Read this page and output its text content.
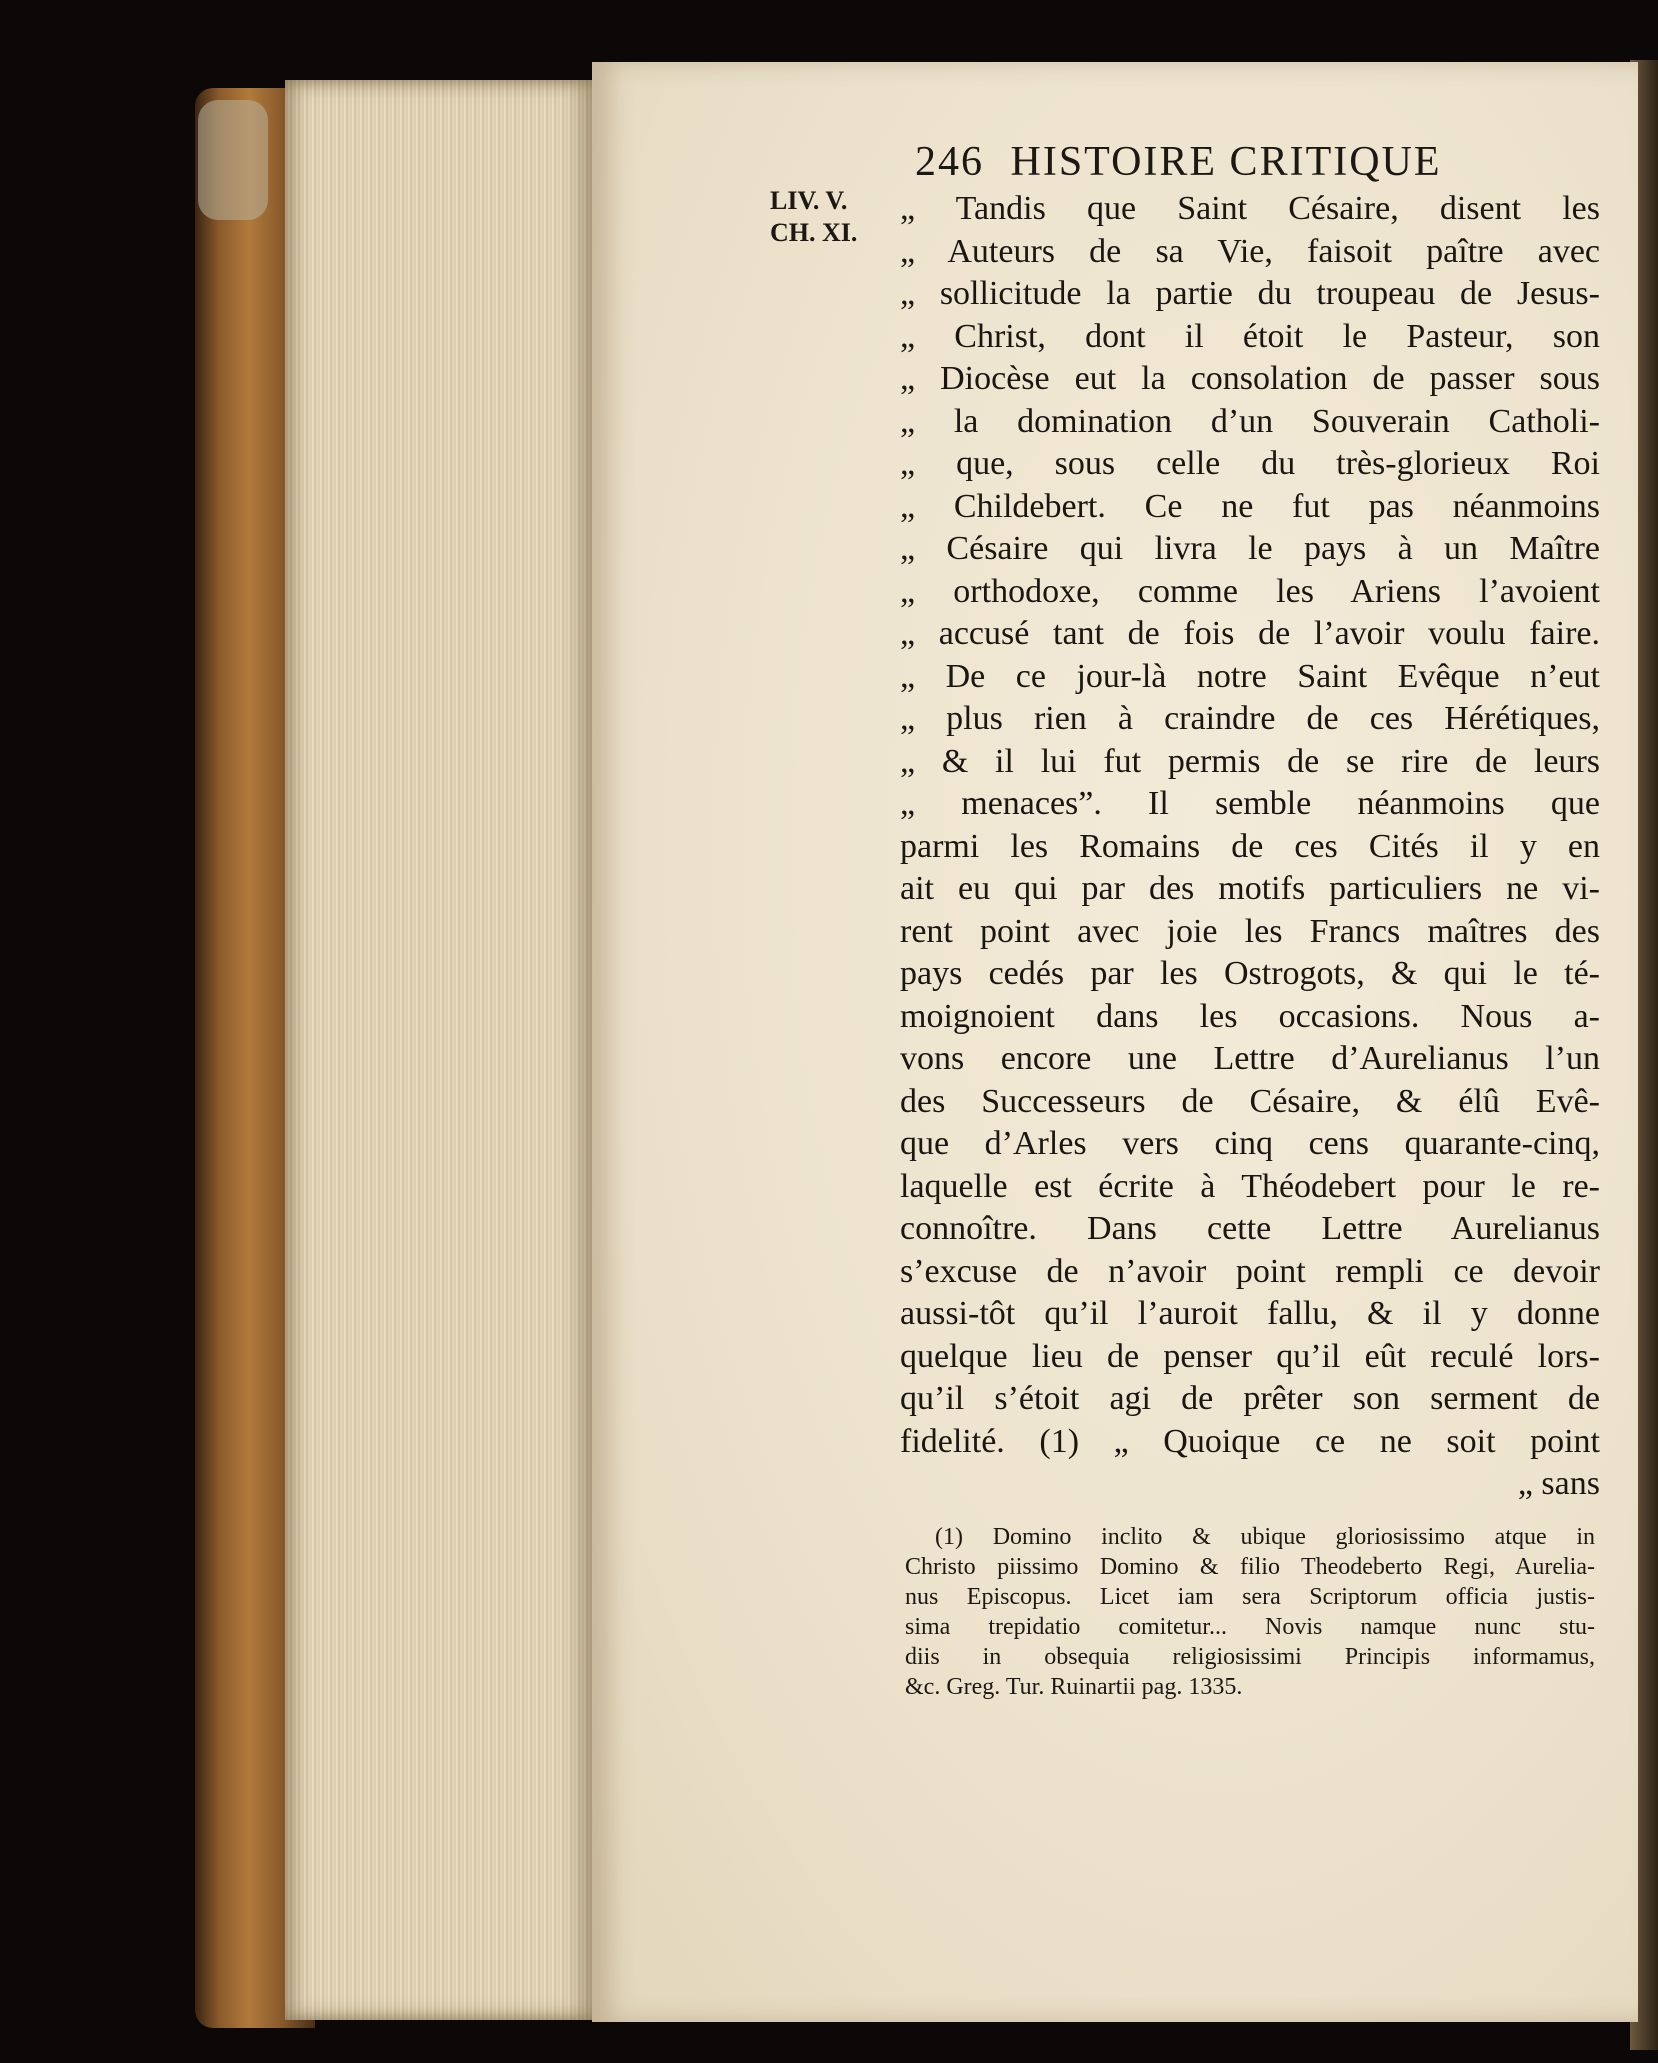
246 HISTOIRE CRITIQUE
LIV. V.
CH. XI.
„ Tandis que Saint Césaire, disent les
„ Auteurs de sa Vie, faisoit paître avec
„ sollicitude la partie du troupeau de Jesus-
„ Christ, dont il étoit le Pasteur, son
„ Diocèse eut la consolation de passer sous
„ la domination d’un Souverain Catholi-
„ que, sous celle du très-glorieux Roi
„ Childebert. Ce ne fut pas néanmoins
„ Césaire qui livra le pays à un Maître
„ orthodoxe, comme les Ariens l’avoient
„ accusé tant de fois de l’avoir voulu faire.
„ De ce jour-là notre Saint Evêque n’eut
„ plus rien à craindre de ces Hérétiques,
„ & il lui fut permis de se rire de leurs
„ menaces”. Il semble néanmoins que
parmi les Romains de ces Cités il y en
ait eu qui par des motifs particuliers ne vi-
rent point avec joie les Francs maîtres des
pays cedés par les Ostrogots, & qui le té-
moignoient dans les occasions. Nous a-
vons encore une Lettre d’Aurelianus l’un
des Successeurs de Césaire, & élû Evê-
que d’Arles vers cinq cens quarante-cinq,
laquelle est écrite à Théodebert pour le re-
connoître. Dans cette Lettre Aurelianus
s’excuse de n’avoir point rempli ce devoir
aussi-tôt qu’il l’auroit fallu, & il y donne
quelque lieu de penser qu’il eût reculé lors-
qu’il s’étoit agi de prêter son serment de
fidelité. (1) „ Quoique ce ne soit point
„ sans
(1) Domino inclito & ubique gloriosissimo atque in
Christo piissimo Domino & filio Theodeberto Regi, Aurelia-
nus Episcopus. Licet iam sera Scriptorum officia justis-
sima trepidatio comitetur... Novis namque nunc stu-
diis in obsequia religiosissimi Principis informamus,
&c. Greg. Tur. Ruinartii pag. 1335.
